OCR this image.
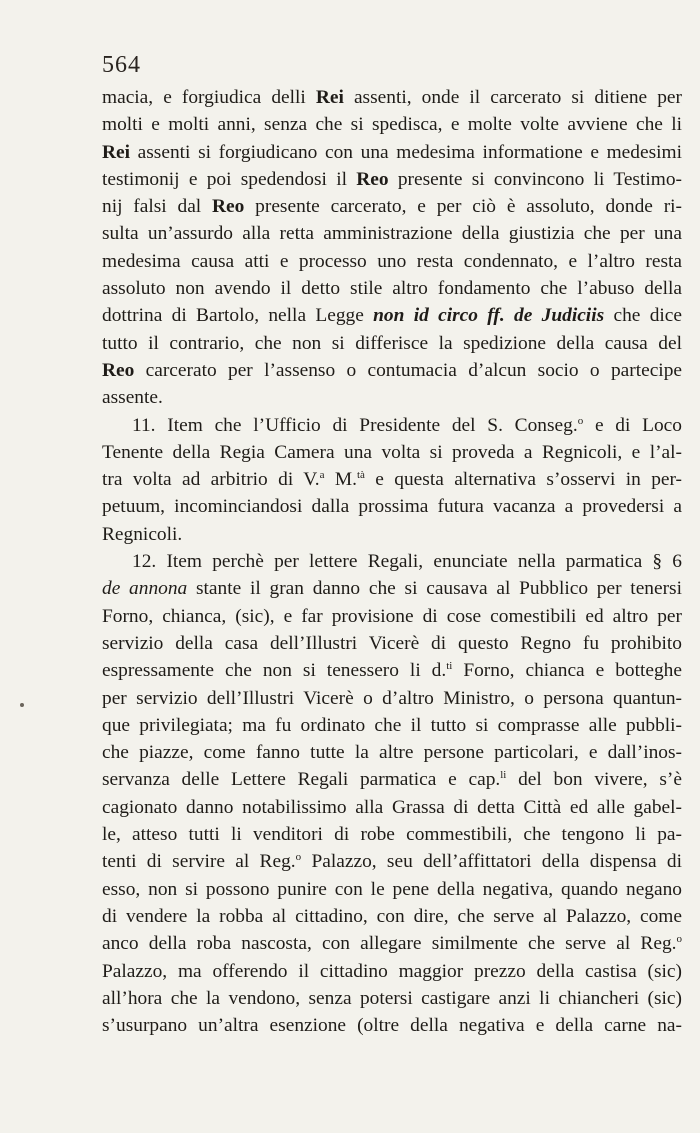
564
macia, e forgiudica delli Rei assenti, onde il carcerato si ditiene per
molti e molti anni, senza che si spedisca, e molte volte avviene che li
Rei assenti si forgiudicano con una medesima informatione e medesimi
testimonij e poi spedendosi il Reo presente si convincono li Testimo-
nij falsi dal Reo presente carcerato, e per ciò è assoluto, donde ri-
sulta un’assurdo alla retta amministrazione della giustizia che per una
medesima causa atti e processo uno resta condennato, e l’altro resta
assoluto non avendo il detto stile altro fondamento che l’abuso della
dottrina di Bartolo, nella Legge non id circo ff. de Judiciis che dice
tutto il contrario, che non si differisce la spedizione della causa del
Reo carcerato per l’assenso o contumacia d’alcun socio o partecipe
assente.
11. Item che l’Ufficio di Presidente del S. Conseg.$^o$ e di Loco
Tenente della Regia Camera una volta si proveda a Regnicoli, e l’al-
tra volta ad arbitrio di V.$^a$ M.$^{tà}$ e questa alternativa s’osservi in per-
petuum, incominciandosi dalla prossima futura vacanza a provedersi a
Regnicoli.
12. Item perchè per lettere Regali, enunciate nella parmatica § 6
de annona stante il gran danno che si causava al Pubblico per tenersi
Forno, chianca, (sic), e far provisione di cose comestibili ed altro per
servizio della casa dell’Illustri Vicerè di questo Regno fu prohibito
espressamente che non si tenessero li d.$^{ti}$ Forno, chianca e botteghe
per servizio dell’Illustri Vicerè o d’altro Ministro, o persona quantun-
que privilegiata; ma fu ordinato che il tutto si comprasse alle pubbli-
che piazze, come fanno tutte la altre persone particolari, e dall’inos-
servanza delle Lettere Regali parmatica e cap.$^{li}$ del bon vivere, s’è
cagionato danno notabilissimo alla Grassa di detta Città ed alle gabel-
le, atteso tutti li venditori di robe commestibili, che tengono li pa-
tenti di servire al Reg.$^o$ Palazzo, seu dell’affittatori della dispensa di
esso, non si possono punire con le pene della negativa, quando negano
di vendere la robba al cittadino, con dire, che serve al Palazzo, come
anco della roba nascosta, con allegare similmente che serve al Reg.$^o$
Palazzo, ma offerendo il cittadino maggior prezzo della castisa (sic)
all’hora che la vendono, senza potersi castigare anzi li chiancheri (sic)
s’usurpano un’altra esenzione (oltre della negativa e della carne na-
